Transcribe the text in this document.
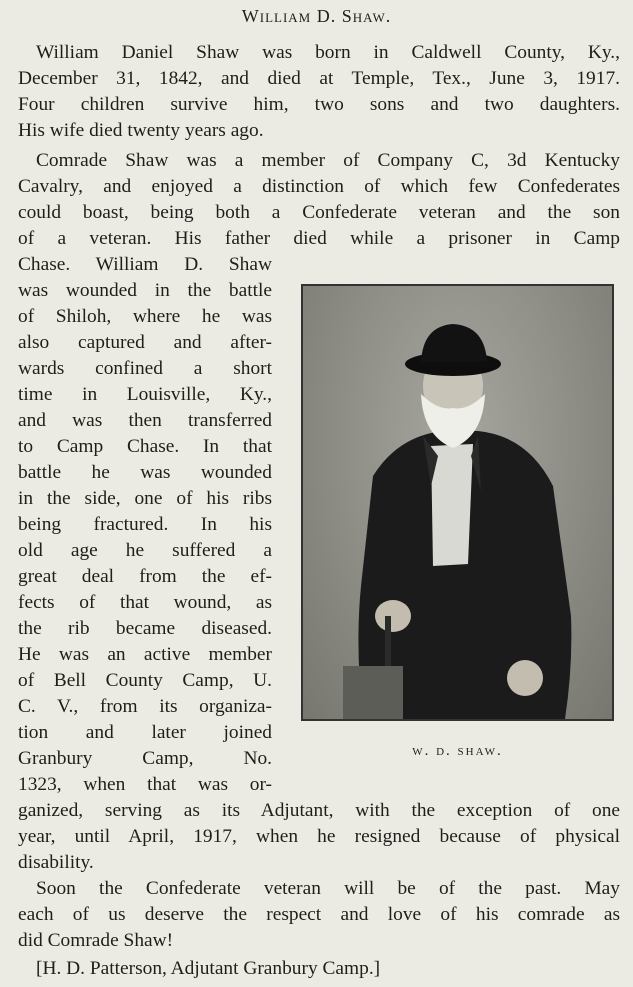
William D. Shaw.
William Daniel Shaw was born in Caldwell County, Ky.,
December 31, 1842, and died at Temple, Tex., June 3, 1917.
Four children survive him, two sons and two daughters.
His wife died twenty years ago.
Comrade Shaw was a member of Company C, 3d Kentucky
Cavalry, and enjoyed a distinction of which few Confederates
could boast, being both a Confederate veteran and the son
of a veteran. His father died while a prisoner in Camp
Chase. William D. Shaw
was wounded in the battle
of Shiloh, where he was
also captured and after-
wards confined a short
time in Louisville, Ky.,
and was then transferred
to Camp Chase. In that
battle he was wounded
in the side, one of his ribs
being fractured. In his
old age he suffered a
great deal from the ef-
fects of that wound, as
the rib became diseased.
He was an active member
of Bell County Camp, U.
C. V., from its organiza-
tion and later joined
Granbury Camp, No.
1323, when that was or-
ganized, serving as its Adjutant, with the exception of one
year, until April, 1917, when he resigned because of physical
disability.
Soon the Confederate veteran will be of the past. May
each of us deserve the respect and love of his comrade as
did Comrade Shaw!
[H. D. Patterson, Adjutant Granbury Camp.]
w. d. shaw.
